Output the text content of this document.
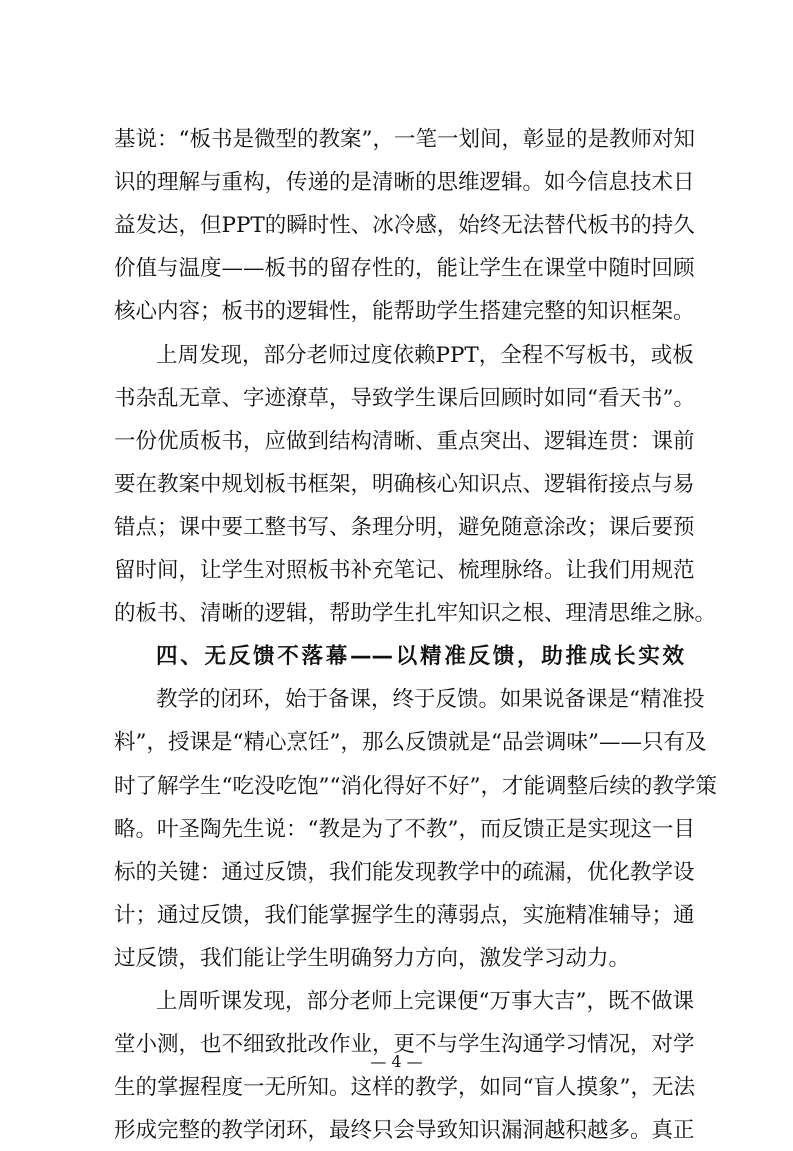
基说：“板书是微型的教案”，一笔一划间，彰显的是教师对知
识的理解与重构，传递的是清晰的思维逻辑。如今信息技术日
益发达，但PPT的瞬时性、冰冷感，始终无法替代板书的持久
价值与温度——板书的留存性的，能让学生在课堂中随时回顾
核心内容；板书的逻辑性，能帮助学生搭建完整的知识框架。
上周发现，部分老师过度依赖PPT，全程不写板书，或板
书杂乱无章、字迹潦草，导致学生课后回顾时如同“看天书”。
一份优质板书，应做到结构清晰、重点突出、逻辑连贯：课前
要在教案中规划板书框架，明确核心知识点、逻辑衔接点与易
错点；课中要工整书写、条理分明，避免随意涂改；课后要预
留时间，让学生对照板书补充笔记、梳理脉络。让我们用规范
的板书、清晰的逻辑，帮助学生扎牢知识之根、理清思维之脉。
四、无反馈不落幕——以精准反馈，助推成长实效
教学的闭环，始于备课，终于反馈。如果说备课是“精准投
料”，授课是“精心烹饪”，那么反馈就是“品尝调味”——只有及
时了解学生“吃没吃饱”“消化得好不好”，才能调整后续的教学策
略。叶圣陶先生说：“教是为了不教”，而反馈正是实现这一目
标的关键：通过反馈，我们能发现教学中的疏漏，优化教学设
计；通过反馈，我们能掌握学生的薄弱点，实施精准辅导；通
过反馈，我们能让学生明确努力方向，激发学习动力。
上周听课发现，部分老师上完课便“万事大吉”，既不做课
堂小测，也不细致批改作业，更不与学生沟通学习情况，对学
生的掌握程度一无所知。这样的教学，如同“盲人摸象”，无法
形成完整的教学闭环，最终只会导致知识漏洞越积越多。真正
— 4 —
